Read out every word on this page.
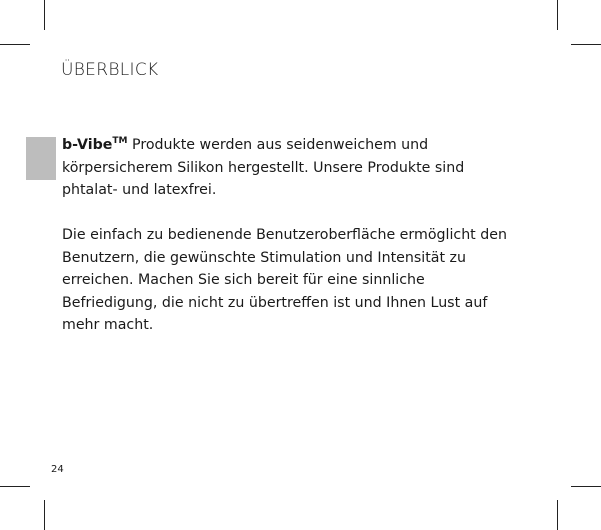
ÜBERBLICK

b-Vibe™ Produkte werden aus seidenweichem und körpersicherem Silikon hergestellt. Unsere Produkte sind phtalat- und latexfrei.

Die einfach zu bedienende Benutzeroberfläche ermöglicht den Benutzern, die gewünschte Stimulation und Intensität zu erreichen. Machen Sie sich bereit für eine sinnliche Befriedigung, die nicht zu übertreffen ist und Ihnen Lust auf mehr macht.

24
